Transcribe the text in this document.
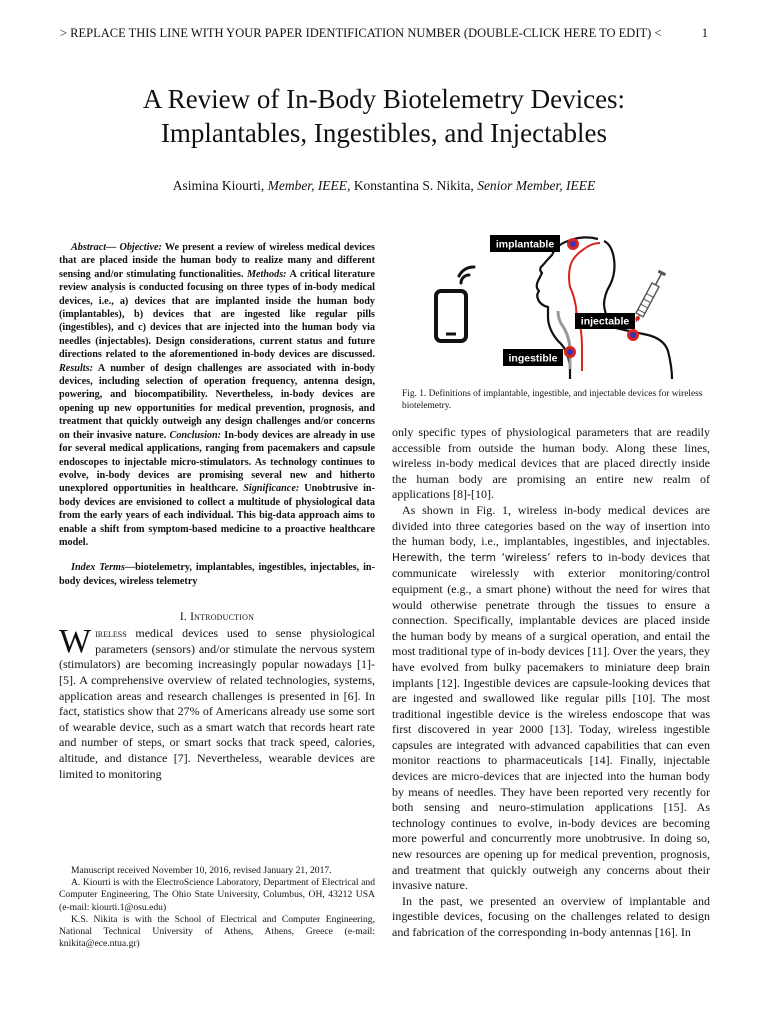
> REPLACE THIS LINE WITH YOUR PAPER IDENTIFICATION NUMBER (DOUBLE-CLICK HERE TO EDIT) <	1
A Review of In-Body Biotelemetry Devices:
Implantables, Ingestibles, and Injectables
Asimina Kiourti, Member, IEEE, Konstantina S. Nikita, Senior Member, IEEE

Abstract— Objective: We present a review of wireless medical devices that are placed inside the human body to realize many and different sensing and/or stimulating functionalities. Methods: A critical literature review analysis is conducted focusing on three types of in-body medical devices, i.e., a) devices that are implanted inside the human body (implantables), b) devices that are ingested like regular pills (ingestibles), and c) devices that are injected into the human body via needles (injectables). Design considerations, current status and future directions related to the aforementioned in-body devices are discussed. Results: A number of design challenges are associated with in-body devices, including selection of operation frequency, antenna design, powering, and biocompatibility. Nevertheless, in-body devices are opening up new opportunities for medical prevention, prognosis, and treatment that quickly outweigh any design challenges and/or concerns on their invasive nature. Conclusion: In-body devices are already in use for several medical applications, ranging from pacemakers and capsule endoscopes to injectable micro-stimulators. As technology continues to evolve, in-body devices are promising several new and hitherto unexplored opportunities in healthcare. Significance: Unobtrusive in-body devices are envisioned to collect a multitude of physiological data from the early years of each individual. This big-data approach aims to enable a shift from symptom-based medicine to a proactive healthcare model.

Index Terms—biotelemetry, implantables, ingestibles, injectables, in-body devices, wireless telemetry

I. Introduction

Wireless medical devices used to sense physiological parameters (sensors) and/or stimulate the nervous system (stimulators) are becoming increasingly popular nowadays [1]-[5]. A comprehensive overview of related technologies, systems, application areas and research challenges is presented in [6]. In fact, statistics show that 27% of Americans already use some sort of wearable device, such as a smart watch that records heart rate and number of steps, or smart socks that track speed, calories, altitude, and distance [7]. Nevertheless, wearable devices are limited to monitoring

Manuscript received November 10, 2016, revised January 21, 2017.

A. Kiourti is with the ElectroScience Laboratory, Department of Electrical and Computer Engineering, The Ohio State University, Columbus, OH, 43212 USA (e-mail: kiourti.1@osu.edu)

K.S. Nikita is with the School of Electrical and Computer Engineering, National Technical University of Athens, Athens, Greece (e-mail: knikita@ece.ntua.gr)

implantable
injectable
ingestible
Fig. 1. Definitions of implantable, ingestible, and injectable devices for wireless biotelemetry.

only specific types of physiological parameters that are readily accessible from outside the human body. Along these lines, wireless in-body medical devices that are placed directly inside the human body are promising an entire new realm of applications [8]-[10].

As shown in Fig. 1, wireless in-body medical devices are divided into three categories based on the way of insertion into the human body, i.e., implantables, ingestibles, and injectables. Herewith, the term ‘wireless’ refers to in-body devices that communicate wirelessly with exterior monitoring/control equipment (e.g., a smart phone) without the need for wires that would otherwise penetrate through the tissues to ensure a connection. Specifically, implantable devices are placed inside the human body by means of a surgical operation, and entail the most traditional type of in-body devices [11]. Over the years, they have evolved from bulky pacemakers to miniature deep brain implants [12]. Ingestible devices are capsule-looking devices that are ingested and swallowed like regular pills [10]. The most traditional ingestible device is the wireless endoscope that was first discovered in year 2000 [13]. Today, wireless ingestible capsules are integrated with advanced capabilities that can even monitor reactions to pharmaceuticals [14]. Finally, injectable devices are micro-devices that are injected into the human body by means of needles. They have been reported very recently for both sensing and neuro-stimulation applications [15]. As technology continues to evolve, in-body devices are becoming more powerful and concurrently more unobtrusive. In doing so, new resources are opening up for medical prevention, prognosis, and treatment that quickly outweigh any concerns about their invasive nature.

In the past, we presented an overview of implantable and ingestible devices, focusing on the challenges related to design and fabrication of the corresponding in-body antennas [16]. In
